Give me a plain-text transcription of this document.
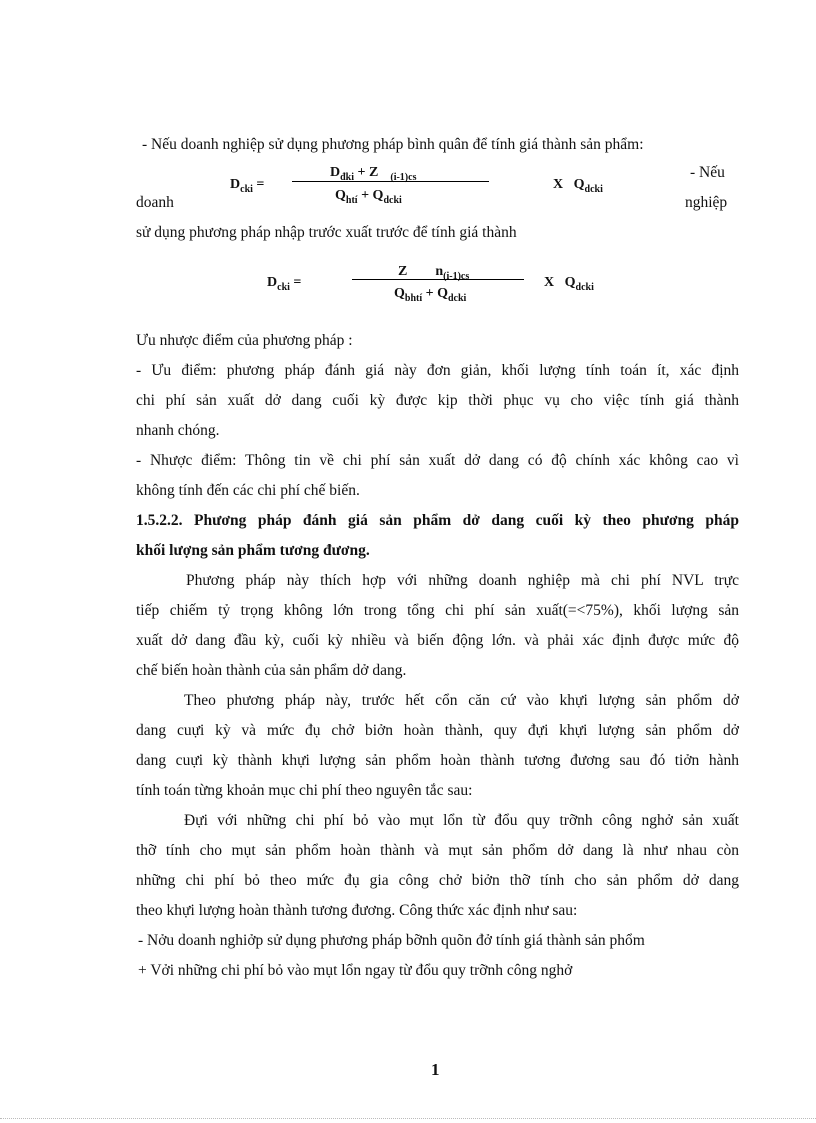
- Nếu doanh nghiệp sử dụng phương pháp bình quân để tính giá thành sản phẩm:
$D_{cki}$ =
$D_{đki} + Z$ $_{(i-1)cs}$
$Q_{htí} + Q_{dcki}$
X $Q_{dcki}$
- Nếu
doanh	nghiệp
sử dụng phương pháp nhập trước xuất trước để tính giá thành
$D_{cki}$ =
Z $n_{(i-1)cs}$
$Q_{bhtí} + Q_{dcki}$
X $Q_{dcki}$
Ưu nhược điểm của phương pháp :
- Ưu điểm: phương pháp đánh giá này đơn giản, khối lượng tính toán ít, xác định
chi phí sản xuất dở dang cuối kỳ được kịp thời phục vụ cho việc tính giá thành
nhanh chóng.
- Nhược điểm: Thông tin về chi phí sản xuất dở dang có độ chính xác không cao vì
không tính đến các chi phí chế biến.
1.5.2.2. Phương pháp đánh giá sản phẩm dở dang cuối kỳ theo phương pháp
khối lượng sản phẩm tương đương.
Phương pháp này thích hợp với những doanh nghiệp mà chi phí NVL trực
tiếp chiếm tỷ trọng không lớn trong tổng chi phí sản xuất(=<75%), khối lượng sản
xuất dở dang đầu kỳ, cuối kỳ nhiều và biến động lớn. và phải xác định được mức độ
chế biến hoàn thành của sản phẩm dở dang.
Theo phương pháp này, trước hết cổn căn cứ vào khựi lượng sản phổm dở
dang cuựi kỳ và mức đụ chở biởn hoàn thành, quy đựi khựi lượng sản phổm dở
dang cuựi kỳ thành khựi lượng sản phổm hoàn thành tương đương sau đó tiởn hành
tính toán từng khoản mục chi phí theo nguyên tắc sau:
Đựi với những chi phí bỏ vào mụt lổn từ đổu quy trỡnh công nghở sản xuất
thỡ tính cho mụt sản phổm hoàn thành và mụt sản phổm dở dang là như nhau còn
những chi phí bỏ theo mức đụ gia công chở biởn thỡ tính cho sản phổm dở dang
theo khựi lượng hoàn thành tương đương. Công thức xác định như sau:
- Nởu doanh nghiởp sử dụng phương pháp bỡnh quõn đở tính giá thành sản phổm
+ Vởi những chi phí bỏ vào mụt lổn ngay từ đổu quy trỡnh công nghở
1
